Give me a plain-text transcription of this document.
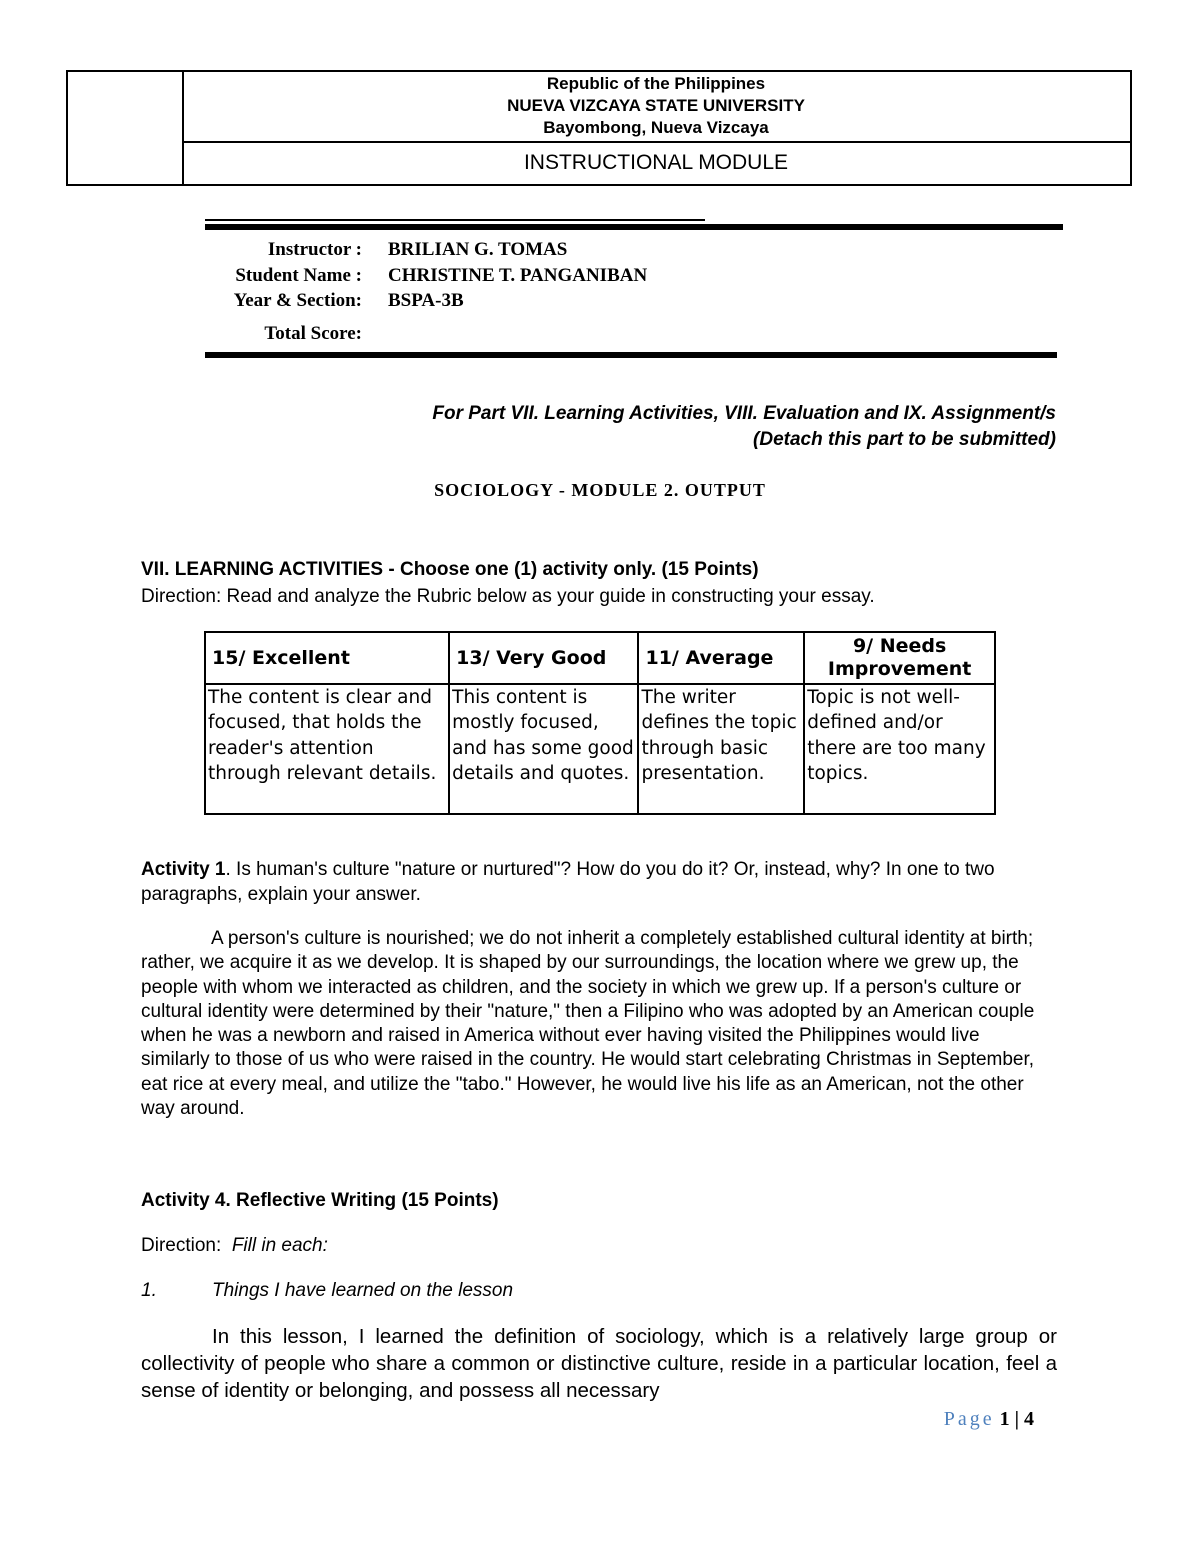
Republic of the Philippines
NUEVA VIZCAYA STATE UNIVERSITY
Bayombong, Nueva Vizcaya
INSTRUCTIONAL MODULE
Instructor : BRILIAN G. TOMAS
Student Name : CHRISTINE T. PANGANIBAN
Year & Section: BSPA-3B
Total Score:
For Part VII. Learning Activities, VIII. Evaluation and IX. Assignment/s
(Detach this part to be submitted)
SOCIOLOGY - MODULE 2. OUTPUT
VII. LEARNING ACTIVITIES - Choose one (1) activity only. (15 Points)
Direction: Read and analyze the Rubric below as your guide in constructing your essay.
15/ Excellent	13/ Very Good	11/ Average	9/ Needs Improvement
The content is clear and focused, that holds the reader's attention through relevant details.	This content is mostly focused, and has some good details and quotes.	The writer defines the topic through basic presentation.	Topic is not well-defined and/or there are too many topics.
Activity 1. Is human's culture "nature or nurtured"? How do you do it? Or, instead, why? In one to two paragraphs, explain your answer.
A person's culture is nourished; we do not inherit a completely established cultural identity at birth; rather, we acquire it as we develop. It is shaped by our surroundings, the location where we grew up, the people with whom we interacted as children, and the society in which we grew up. If a person's culture or cultural identity were determined by their "nature," then a Filipino who was adopted by an American couple when he was a newborn and raised in America without ever having visited the Philippines would live similarly to those of us who were raised in the country. He would start celebrating Christmas in September, eat rice at every meal, and utilize the "tabo." However, he would live his life as an American, not the other way around.
Activity 4. Reflective Writing (15 Points)
Direction: Fill in each:
1.	Things I have learned on the lesson
In this lesson, I learned the definition of sociology, which is a relatively large group or collectivity of people who share a common or distinctive culture, reside in a particular location, feel a sense of identity or belonging, and possess all necessary
Page 1 | 4
